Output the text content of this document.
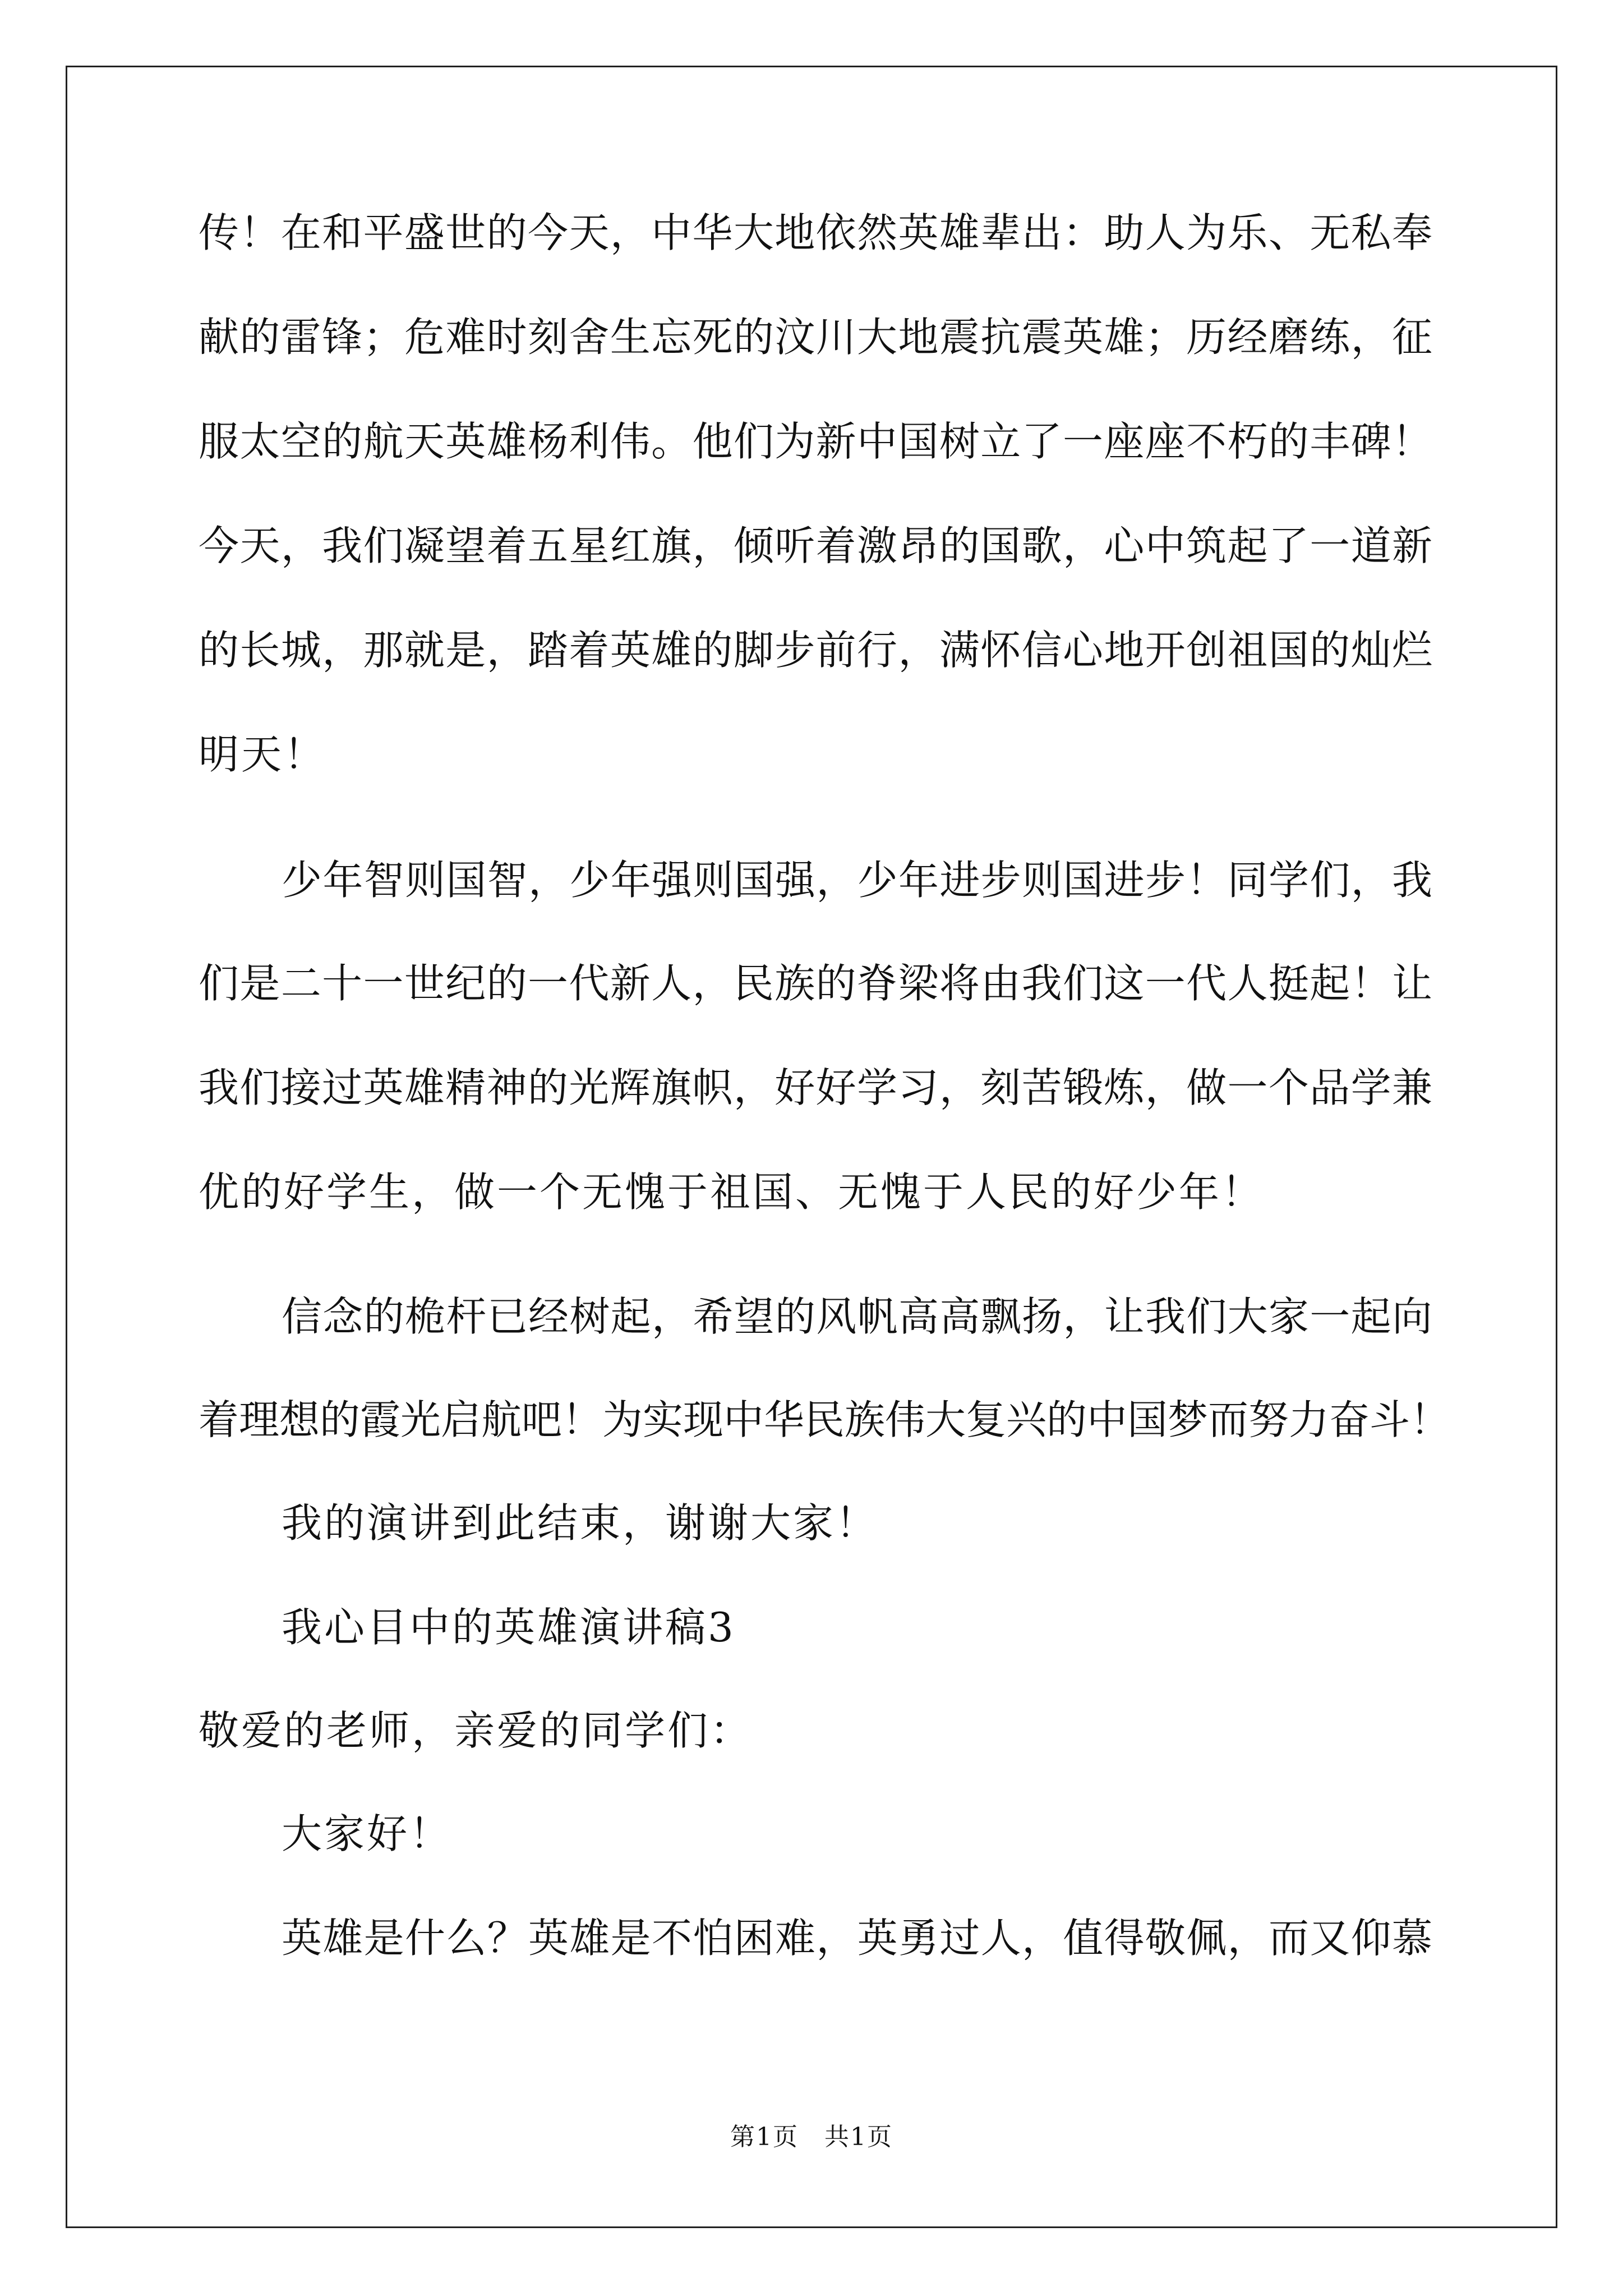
传！在和平盛世的今天，中华大地依然英雄辈出：助人为乐、无私奉
献的雷锋；危难时刻舍生忘死的汶川大地震抗震英雄；历经磨练，征
服太空的航天英雄杨利伟。他们为新中国树立了一座座不朽的丰碑！
今天，我们凝望着五星红旗，倾听着激昂的国歌，心中筑起了一道新
的长城，那就是，踏着英雄的脚步前行，满怀信心地开创祖国的灿烂
明天！
少年智则国智，少年强则国强，少年进步则国进步！同学们，我
们是二十一世纪的一代新人，民族的脊梁将由我们这一代人挺起！让
我们接过英雄精神的光辉旗帜，好好学习，刻苦锻炼，做一个品学兼
优的好学生，做一个无愧于祖国、无愧于人民的好少年！
信念的桅杆已经树起，希望的风帆高高飘扬，让我们大家一起向
着理想的霞光启航吧！为实现中华民族伟大复兴的中国梦而努力奋斗！
我的演讲到此结束，谢谢大家！
我心目中的英雄演讲稿3
敬爱的老师，亲爱的同学们：
大家好！
英雄是什么？英雄是不怕困难，英勇过人，值得敬佩，而又仰慕
第1页　共1页
